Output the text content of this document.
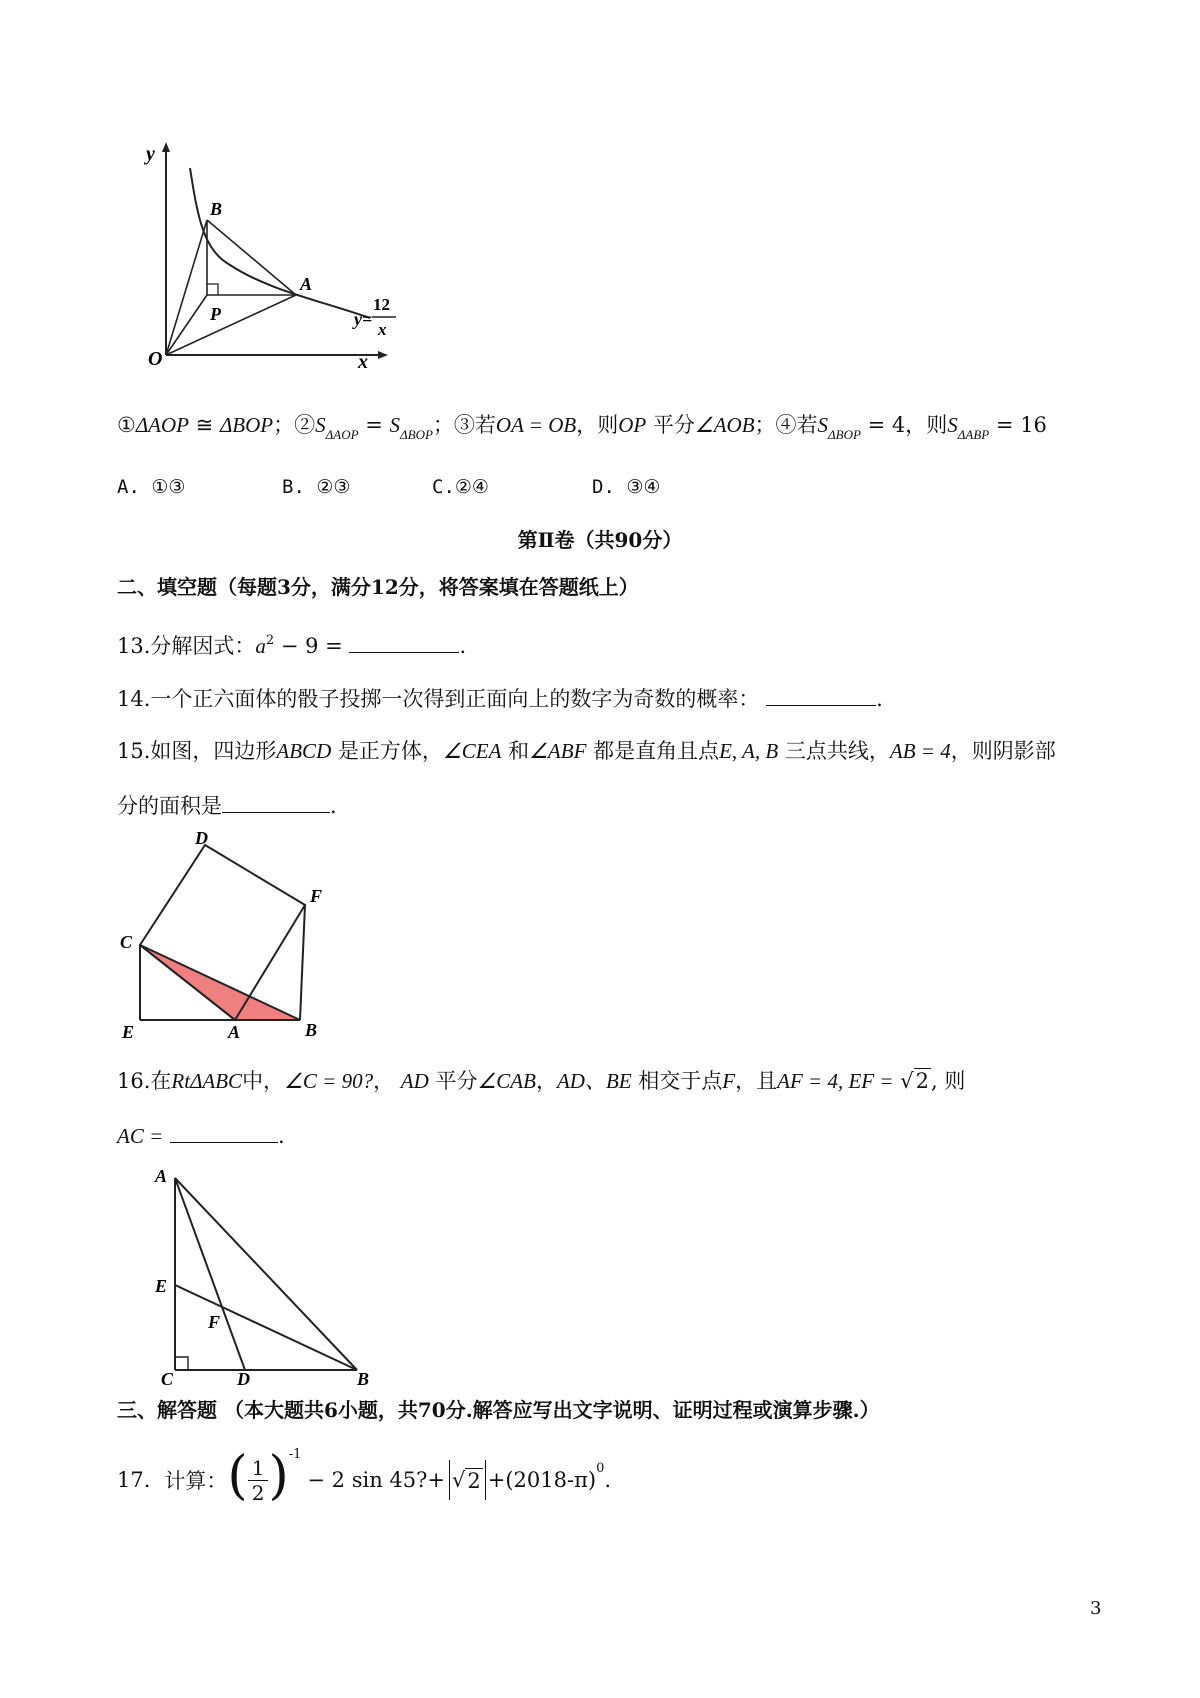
y
B
A
P
O	x
y=
12
x
①ΔAOP ≅ ΔBOP；$②S_{\Delta AOP} = S_{\Delta BOP}$；③若OA = OB，则OP 平分∠AOB；④若$S_{\Delta BOP} = 4$，则$S_{\Delta ABP} = 16$
A. ①③	B. ②③	C.②④	D. ③④
第Ⅱ卷（共90分）
二、填空题（每题3分，满分12分，将答案填在答题纸上）
13.分解因式：$a^2 - 9$ =	.
14.一个正六面体的骰子投掷一次得到正面向上的数字为奇数的概率：	.
15.如图，四边形ABCD 是正方体，∠CEA 和∠ABF 都是直角且点E, A, B 三点共线，AB = 4，则阴影部
分的面积是	.
D
F
C
E	A	B
16.在RtΔABC中，∠C = 90?， AD 平分∠CAB，AD、BE 相交于点F，且AF = 4, EF = √2, 则
AC =	.
A
E
F
C	D	B
三、解答题 （本大题共6小题，共70分.解答应写出文字说明、证明过程或演算步骤.）
17. 计算： ( $\frac{1}{2}$ ) -1
− 2 sin 45?+ √ 2 +(2018-π) 0 .
3
